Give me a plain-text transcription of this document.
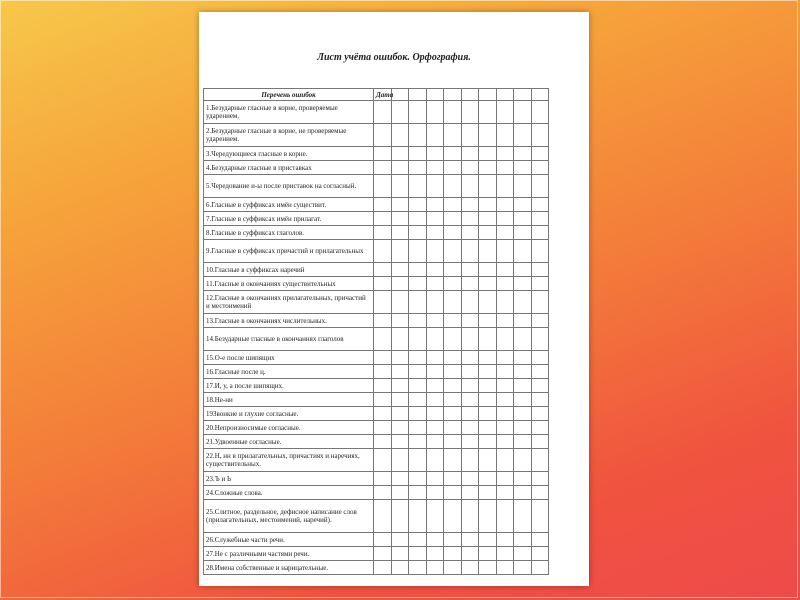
Лист учёта ошибок. Орфография.
Перечень ошибок	Дата									
1.Безударные гласные в корне, проверяемые ударением.										
2.Безударные гласные в корне, не проверяемые ударением.										
3.Чередующиеся гласные в корне.										
4.Безударные гласные в приставках										
5.Чередование и-ы после приставок на согласный.										
6.Гласные в суффиксах имён существит.										
7.Гласные в суффиксах имён прилагат.										
8.Гласные в суффиксах глаголов.										
9.Гласные в суффиксах причастий и прилагательных										
10.Гласные в суффиксах наречий										
11.Гласные в окончаниях существительных										
12.Гласные в окончаниях прилагательных, причастий и местоимений										
13.Гласные в окончаниях числительных.										
14.Безударные гласные в окончаниях глаголов										
15.О-е после шипящих										
16.Гласные после ц.										
17.И, у, а после шипящих.										
18.Не-ни										
19Звонкие и глухие согласные.										
20.Непроизносимые согласные.										
21.Удвоенные согласные.										
22.Н, нн в прилагательных, причастиях и наречиях, существительных.										
23.Ъ и Ь										
24.Сложные слова.										
25.Слитное, раздельное, дефисное написание слов (прилагательных, местоимений, наречий).										
26.Служебные части речи.										
27.Не с различными частями речи.										
28.Имена собственные и нарицательные.										
